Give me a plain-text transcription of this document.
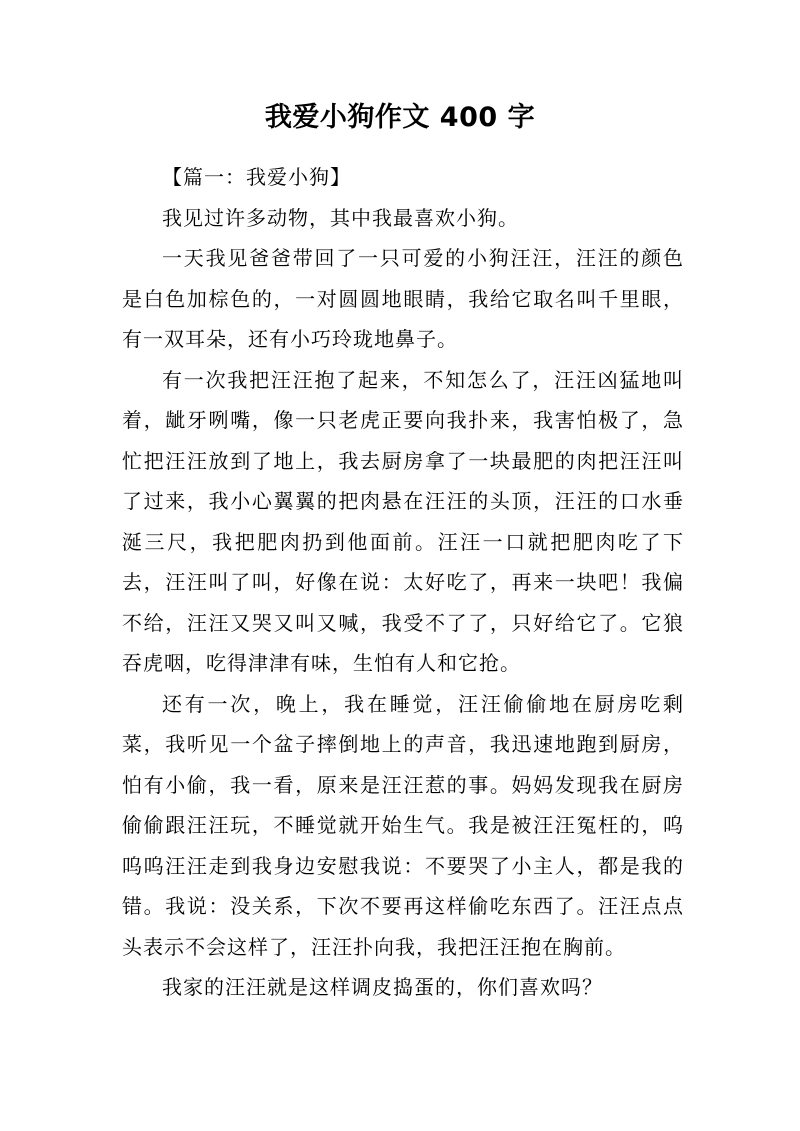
我爱小狗作文 400 字

【篇一：我爱小狗】

我见过许多动物，其中我最喜欢小狗。

一天我见爸爸带回了一只可爱的小狗汪汪，汪汪的颜色是白色加棕色的，一对圆圆地眼睛，我给它取名叫千里眼，有一双耳朵，还有小巧玲珑地鼻子。

有一次我把汪汪抱了起来，不知怎么了，汪汪凶猛地叫着，龇牙咧嘴，像一只老虎正要向我扑来，我害怕极了，急忙把汪汪放到了地上，我去厨房拿了一块最肥的肉把汪汪叫了过来，我小心翼翼的把肉悬在汪汪的头顶，汪汪的口水垂涎三尺，我把肥肉扔到他面前。汪汪一口就把肥肉吃了下去，汪汪叫了叫，好像在说：太好吃了，再来一块吧！我偏不给，汪汪又哭又叫又喊，我受不了了，只好给它了。它狼吞虎咽，吃得津津有味，生怕有人和它抢。

还有一次，晚上，我在睡觉，汪汪偷偷地在厨房吃剩菜，我听见一个盆子摔倒地上的声音，我迅速地跑到厨房，怕有小偷，我一看，原来是汪汪惹的事。妈妈发现我在厨房偷偷跟汪汪玩，不睡觉就开始生气。我是被汪汪冤枉的，呜呜呜汪汪走到我身边安慰我说：不要哭了小主人，都是我的错。我说：没关系，下次不要再这样偷吃东西了。汪汪点点头表示不会这样了，汪汪扑向我，我把汪汪抱在胸前。

我家的汪汪就是这样调皮捣蛋的，你们喜欢吗？
